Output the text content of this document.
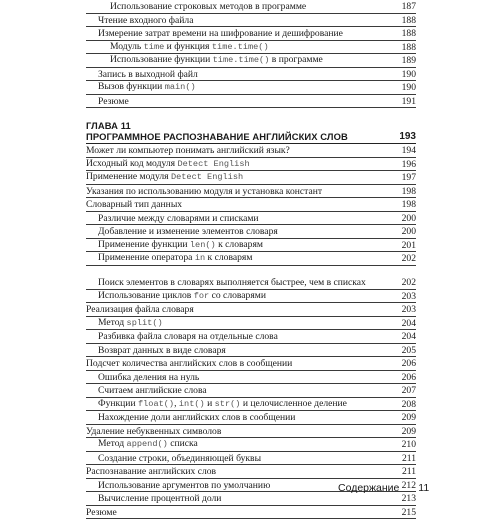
Использование строковых методов в программе	187
Чтение входного файла	188
Измерение затрат времени на шифрование и дешифрование	188
Модуль time и функция time.time()	188
Использование функции time.time() в программе	189
Запись в выходной файл	190
Вызов функции main()	190
Резюме	191
ГЛАВА 11
ПРОГРАММНОЕ РАСПОЗНАВАНИЕ АНГЛИЙСКИХ СЛОВ	193
Может ли компьютер понимать английский язык?	194
Исходный код модуля Detect English	196
Применение модуля Detect English	197
Указания по использованию модуля и установка констант	198
Словарный тип данных	198
Различие между словарями и списками	200
Добавление и изменение элементов словаря	200
Применение функции len() к словарям	201
Применение оператора in к словарям	202
Поиск элементов в словарях выполняется быстрее, чем в списках	202
Использование циклов for со словарями	203
Реализация файла словаря	203
Метод split()	204
Разбивка файла словаря на отдельные слова	204
Возврат данных в виде словаря	205
Подсчет количества английских слов в сообщении	206
Ошибка деления на нуль	206
Считаем английские слова	207
Функции float(), int() и str() и целочисленное деление	208
Нахождение доли английских слов в сообщении	209
Удаление небуквенных символов	209
Метод append() списка	210
Создание строки, объединяющей буквы	211
Распознавание английских слов	211
Использование аргументов по умолчанию	212
Вычисление процентной доли	213
Резюме	215
Содержание 11
